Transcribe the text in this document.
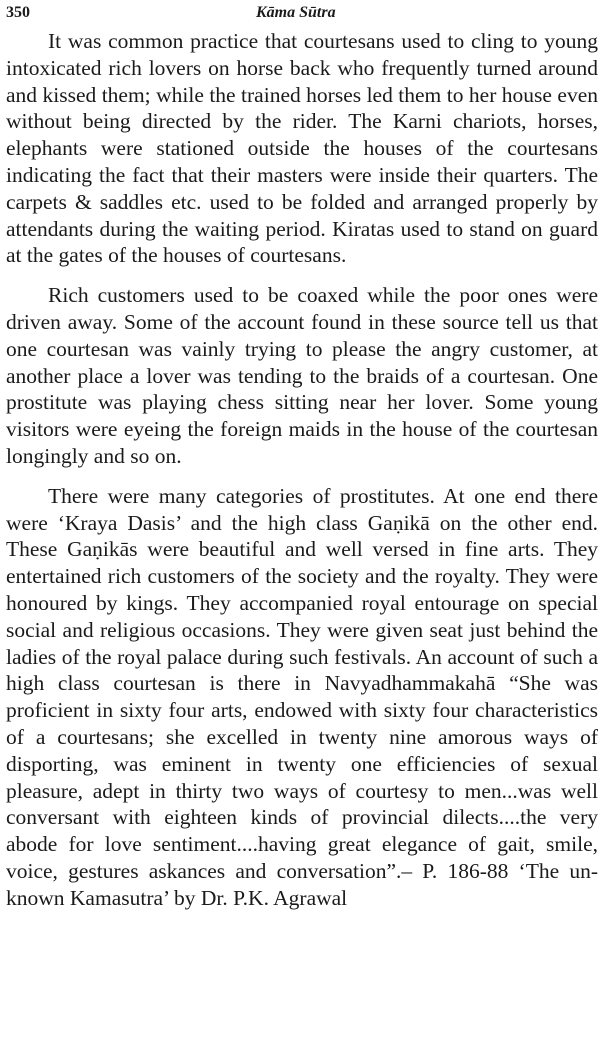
350	Kāma Sūtra

It was common practice that courtesans used to cling to young intoxicated rich lovers on horse back who frequently turned around and kissed them; while the trained horses led them to her house even without being directed by the rider. The Karni chariots, horses, elephants were stationed outside the houses of the courtesans indicating the fact that their masters were inside their quarters. The carpets & saddles etc. used to be folded and arranged properly by attendants during the waiting period. Kiratas used to stand on guard at the gates of the houses of courtesans.

Rich customers used to be coaxed while the poor ones were driven away. Some of the account found in these source tell us that one courtesan was vainly trying to please the angry customer, at another place a lover was tending to the braids of a courtesan. One prostitute was playing chess sitting near her lover. Some young visitors were eyeing the foreign maids in the house of the courtesan longingly and so on.

There were many categories of prostitutes. At one end there were ‘Kraya Dasis’ and the high class Gaṇikā on the other end. These Gaṇikās were beautiful and well versed in fine arts. They entertained rich customers of the society and the royalty. They were honoured by kings. They accompanied royal entourage on special social and religious occasions. They were given seat just behind the ladies of the royal palace during such festivals. An account of such a high class courtesan is there in Navyadhammakahā “She was proficient in sixty four arts, endowed with sixty four characteristics of a courtesans; she excelled in twenty nine amorous ways of disporting, was eminent in twenty one efficiencies of sexual pleasure, adept in thirty two ways of courtesy to men...was well conversant with eighteen kinds of provincial dilects....the very abode for love sentiment....having great elegance of gait, smile, voice, gestures askances and conversation”.– P. 186-88 ‘The unknown Kamasutra’ by Dr. P.K. Agrawal
